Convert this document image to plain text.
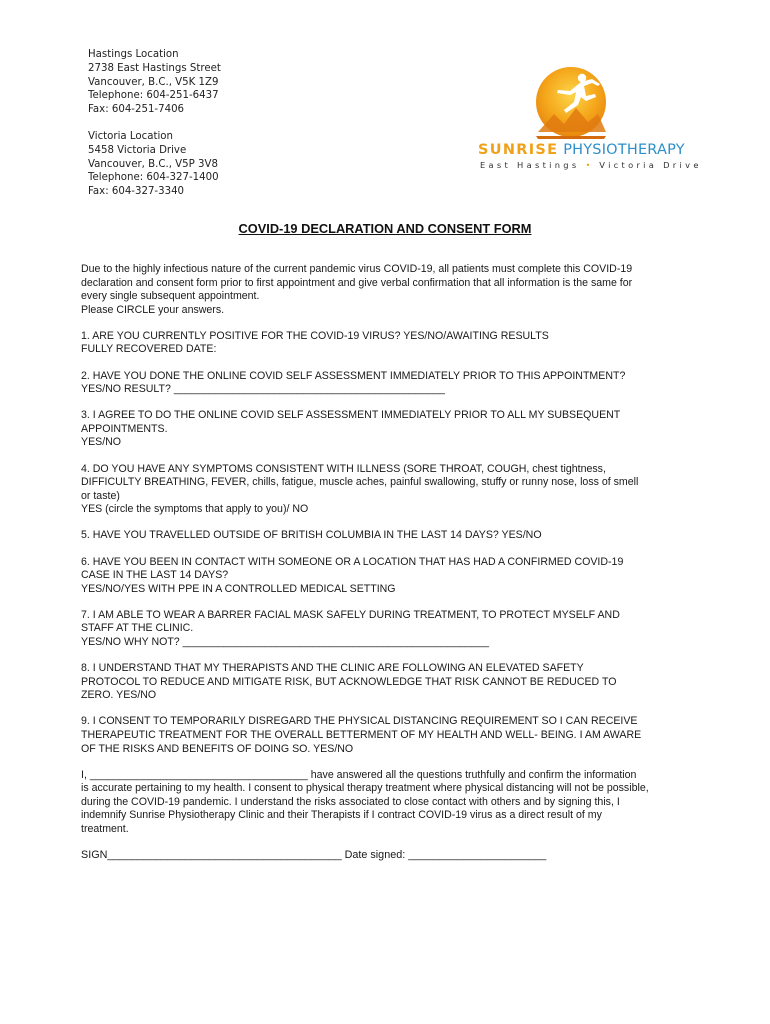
Hastings Location
2738 East Hastings Street
Vancouver, B.C., V5K 1Z9
Telephone: 604-251-6437
Fax: 604-251-7406
Victoria Location
5458 Victoria Drive
Vancouver, B.C., V5P 3V8
Telephone: 604-327-1400
Fax: 604-327-3340
SUNRISE PHYSIOTHERAPY
East Hastings • Victoria Drive
COVID-19 DECLARATION AND CONSENT FORM

Due to the highly infectious nature of the current pandemic virus COVID-19, all patients must complete this COVID-19
declaration and consent form prior to first appointment and give verbal confirmation that all information is the same for
every single subsequent appointment.
Please CIRCLE your answers.

1. ARE YOU CURRENTLY POSITIVE FOR THE COVID-19 VIRUS? YES/NO/AWAITING RESULTS
FULLY RECOVERED DATE:

2. HAVE YOU DONE THE ONLINE COVID SELF ASSESSMENT IMMEDIATELY PRIOR TO THIS APPOINTMENT?
YES/NO RESULT? ______________________________________________

3. I AGREE TO DO THE ONLINE COVID SELF ASSESSMENT IMMEDIATELY PRIOR TO ALL MY SUBSEQUENT
APPOINTMENTS.
YES/NO

4. DO YOU HAVE ANY SYMPTOMS CONSISTENT WITH ILLNESS (SORE THROAT, COUGH, chest tightness,
DIFFICULTY BREATHING, FEVER, chills, fatigue, muscle aches, painful swallowing, stuffy or runny nose, loss of smell
or taste)
YES (circle the symptoms that apply to you)/ NO

5. HAVE YOU TRAVELLED OUTSIDE OF BRITISH COLUMBIA IN THE LAST 14 DAYS? YES/NO

6. HAVE YOU BEEN IN CONTACT WITH SOMEONE OR A LOCATION THAT HAS HAD A CONFIRMED COVID-19
CASE IN THE LAST 14 DAYS?
YES/NO/YES WITH PPE IN A CONTROLLED MEDICAL SETTING

7. I AM ABLE TO WEAR A BARRER FACIAL MASK SAFELY DURING TREATMENT, TO PROTECT MYSELF AND
STAFF AT THE CLINIC.
YES/NO WHY NOT? ____________________________________________________

8. I UNDERSTAND THAT MY THERAPISTS AND THE CLINIC ARE FOLLOWING AN ELEVATED SAFETY
PROTOCOL TO REDUCE AND MITIGATE RISK, BUT ACKNOWLEDGE THAT RISK CANNOT BE REDUCED TO
ZERO. YES/NO

9. I CONSENT TO TEMPORARILY DISREGARD THE PHYSICAL DISTANCING REQUIREMENT SO I CAN RECEIVE
THERAPEUTIC TREATMENT FOR THE OVERALL BETTERMENT OF MY HEALTH AND WELL- BEING. I AM AWARE
OF THE RISKS AND BENEFITS OF DOING SO. YES/NO

I, _____________________________________ have answered all the questions truthfully and confirm the information
is accurate pertaining to my health. I consent to physical therapy treatment where physical distancing will not be possible,
during the COVID-19 pandemic. I understand the risks associated to close contact with others and by signing this, I
indemnify Sunrise Physiotherapy Clinic and their Therapists if I contract COVID-19 virus as a direct result of my
treatment.

SIGN_______________________________________ Date signed: _______________________
